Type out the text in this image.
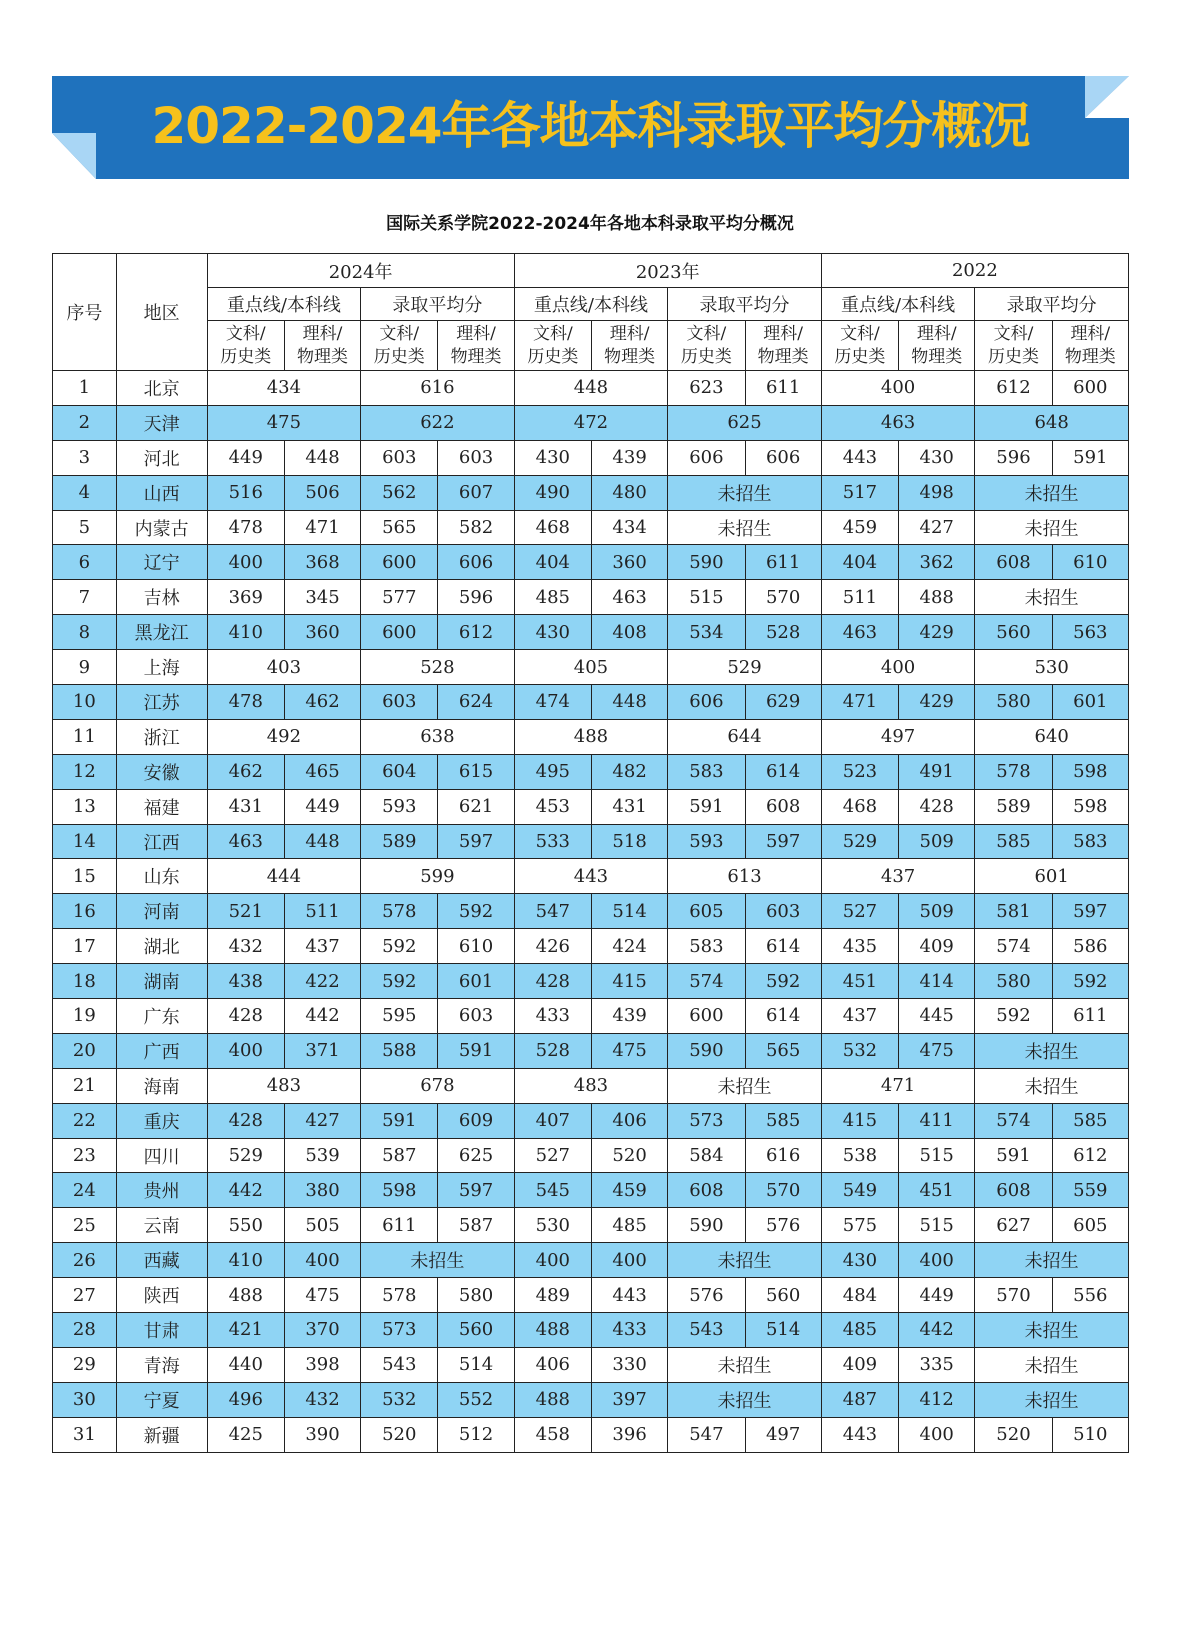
2022-2024年各地本科录取平均分概况
国际关系学院2022-2024年各地本科录取平均分概况
序号	地区	2024年				2023年				2022			
		重点线/本科线		录取平均分		重点线/本科线		录取平均分		重点线/本科线		录取平均分	
		文科/
历史类	理科/
物理类	文科/
历史类	理科/
物理类	文科/
历史类	理科/
物理类	文科/
历史类	理科/
物理类	文科/
历史类	理科/
物理类	文科/
历史类	理科/
物理类
1	北京	434		616		448		623	611	400		612	600
2	天津	475		622		472		625		463		648	
3	河北	449	448	603	603	430	439	606	606	443	430	596	591
4	山西	516	506	562	607	490	480	未招生		517	498	未招生	
5	内蒙古	478	471	565	582	468	434	未招生		459	427	未招生	
6	辽宁	400	368	600	606	404	360	590	611	404	362	608	610
7	吉林	369	345	577	596	485	463	515	570	511	488	未招生	
8	黑龙江	410	360	600	612	430	408	534	528	463	429	560	563
9	上海	403		528		405		529		400		530	
10	江苏	478	462	603	624	474	448	606	629	471	429	580	601
11	浙江	492		638		488		644		497		640	
12	安徽	462	465	604	615	495	482	583	614	523	491	578	598
13	福建	431	449	593	621	453	431	591	608	468	428	589	598
14	江西	463	448	589	597	533	518	593	597	529	509	585	583
15	山东	444		599		443		613		437		601	
16	河南	521	511	578	592	547	514	605	603	527	509	581	597
17	湖北	432	437	592	610	426	424	583	614	435	409	574	586
18	湖南	438	422	592	601	428	415	574	592	451	414	580	592
19	广东	428	442	595	603	433	439	600	614	437	445	592	611
20	广西	400	371	588	591	528	475	590	565	532	475	未招生	
21	海南	483		678		483		未招生		471		未招生	
22	重庆	428	427	591	609	407	406	573	585	415	411	574	585
23	四川	529	539	587	625	527	520	584	616	538	515	591	612
24	贵州	442	380	598	597	545	459	608	570	549	451	608	559
25	云南	550	505	611	587	530	485	590	576	575	515	627	605
26	西藏	410	400	未招生		400	400	未招生		430	400	未招生	
27	陕西	488	475	578	580	489	443	576	560	484	449	570	556
28	甘肃	421	370	573	560	488	433	543	514	485	442	未招生	
29	青海	440	398	543	514	406	330	未招生		409	335	未招生	
30	宁夏	496	432	532	552	488	397	未招生		487	412	未招生	
31	新疆	425	390	520	512	458	396	547	497	443	400	520	510
